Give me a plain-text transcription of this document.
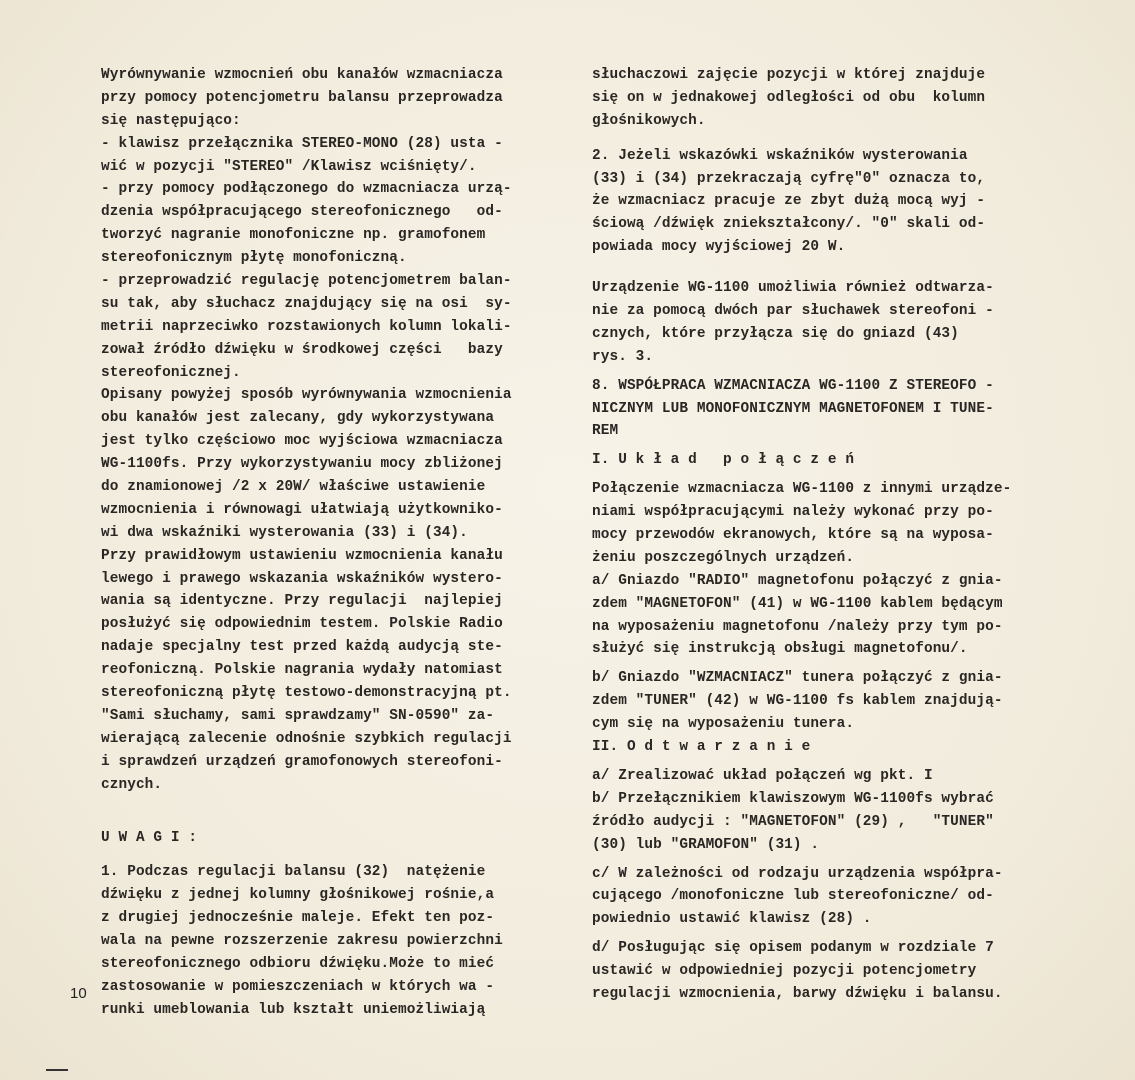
Wyrównywanie wzmocnień obu kanałów wzmacniacza
przy pomocy potencjometru balansu przeprowadza
się następująco:
- klawisz przełącznika STEREO-MONO (28) usta -
wić w pozycji "STEREO" /Klawisz wciśnięty/.
- przy pomocy podłączonego do wzmacniacza urzą-
dzenia współpracującego stereofonicznego   od-
tworzyć nagranie monofoniczne np. gramofonem
stereofonicznym płytę monofoniczną.
- przeprowadzić regulację potencjometrem balan-
su tak, aby słuchacz znajdujący się na osi  sy-
metrii naprzeciwko rozstawionych kolumn lokali-
zował źródło dźwięku w środkowej części   bazy
stereofonicznej.
Opisany powyżej sposób wyrównywania wzmocnienia
obu kanałów jest zalecany, gdy wykorzystywana
jest tylko częściowo moc wyjściowa wzmacniacza
WG-1100fs. Przy wykorzystywaniu mocy zbliżonej
do znamionowej /2 x 20W/ właściwe ustawienie
wzmocnienia i równowagi ułatwiają użytkowniko-
wi dwa wskaźniki wysterowania (33) i (34).
Przy prawidłowym ustawieniu wzmocnienia kanału
lewego i prawego wskazania wskaźników wystero-
wania są identyczne. Przy regulacji  najlepiej
posłużyć się odpowiednim testem. Polskie Radio
nadaje specjalny test przed każdą audycją ste-
reofoniczną. Polskie nagrania wydały natomiast
stereofoniczną płytę testowo-demonstracyjną pt.
"Sami słuchamy, sami sprawdzamy" SN-0590" za-
wierającą zalecenie odnośnie szybkich regulacji
i sprawdzeń urządzeń gramofonowych stereofoni-
cznych.
U W A G I :
1. Podczas regulacji balansu (32)  natężenie
dźwięku z jednej kolumny głośnikowej rośnie,a
z drugiej jednocześnie maleje. Efekt ten poz-
wala na pewne rozszerzenie zakresu powierzchni
stereofonicznego odbioru dźwięku.Może to mieć
zastosowanie w pomieszczeniach w których wa -
runki umeblowania lub kształt uniemożliwiają
słuchaczowi zajęcie pozycji w której znajduje
się on w jednakowej odległości od obu  kolumn
głośnikowych.
2. Jeżeli wskazówki wskaźników wysterowania
(33) i (34) przekraczają cyfrę"0" oznacza to,
że wzmacniacz pracuje ze zbyt dużą mocą wyj -
ściową /dźwięk zniekształcony/. "0" skali od-
powiada mocy wyjściowej 20 W.
Urządzenie WG-1100 umożliwia również odtwarza-
nie za pomocą dwóch par słuchawek stereofoni -
cznych, które przyłącza się do gniazd (43)
rys. 3.
8. WSPÓŁPRACA WZMACNIACZA WG-1100 Z STEREOFO -
NICZNYM LUB MONOFONICZNYM MAGNETOFONEM I TUNE-
REM
I. U k ł a d   p o ł ą c z e ń
Połączenie wzmacniacza WG-1100 z innymi urządze-
niami współpracującymi należy wykonać przy po-
mocy przewodów ekranowych, które są na wyposa-
żeniu poszczególnych urządzeń.
a/ Gniazdo "RADIO" magnetofonu połączyć z gnia-
zdem "MAGNETOFON" (41) w WG-1100 kablem będącym
na wyposażeniu magnetofonu /należy przy tym po-
służyć się instrukcją obsługi magnetofonu/.
b/ Gniazdo "WZMACNIACZ" tunera połączyć z gnia-
zdem "TUNER" (42) w WG-1100 fs kablem znajdują-
cym się na wyposażeniu tunera.
II. O d t w a r z a n i e
a/ Zrealizować układ połączeń wg pkt. I
b/ Przełącznikiem klawiszowym WG-1100fs wybrać
źródło audycji : "MAGNETOFON" (29) ,   "TUNER"
(30) lub "GRAMOFON" (31) .
c/ W zależności od rodzaju urządzenia współpra-
cującego /monofoniczne lub stereofoniczne/ od-
powiednio ustawić klawisz (28) .
d/ Posługując się opisem podanym w rozdziale 7
ustawić w odpowiedniej pozycji potencjometry
regulacji wzmocnienia, barwy dźwięku i balansu.
10
